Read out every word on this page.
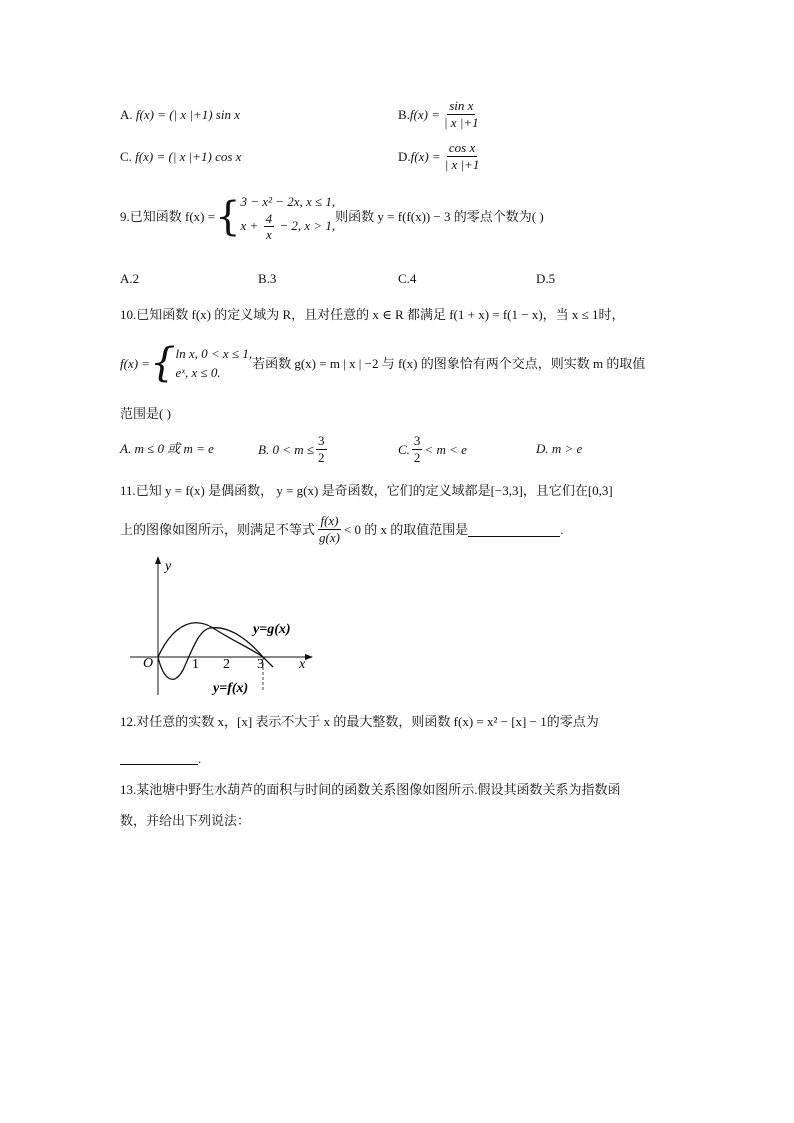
A. f(x) = (| x |+1) sin x	B. $f(x) = \frac{\text{sin x}}{| x |+1}$
C. f(x) = (| x |+1) cos x	D. $f(x) = \frac{\text{cos x}}{| x |+1}$
9.已知函数 f(x) = { 3 − x² − 2x, x ≤ 1,
$x + \frac{4}{x} - 2$, x > 1,
则函数 y = f(f(x)) − 3 的零点个数为( )
A.2	B.3	C.4	D.5
10.已知函数 f(x) 的定义域为 R，且对任意的 x ∈ R 都满足 f(1 + x) = f(1 − x)，当 x ≤ 1时，
f(x) = { ln x, 0 < x ≤ 1,
eˣ, x ≤ 0.
若函数 g(x) = m | x | −2 与 f(x) 的图象恰有两个交点，则实数 m 的取值
范围是( )
A. m ≤ 0 或 m = e	B. $0 < m \le \frac{3}{2}$	C. $\frac{3}{2} < m < e$	D. m > e
11.已知 y = f(x) 是偶函数， y = g(x) 是奇函数，它们的定义域都是[−3,3]，且它们在[0,3]
上的图像如图所示，则满足不等式 $\frac{f(x)}{g(x)} < 0$ 的 x 的取值范围是	.
y
x
O	1 2 3
y=g(x)
y=f(x)
12.对任意的实数 x，[x] 表示不大于 x 的最大整数，则函数 f(x) = x² − [x] − 1的零点为
.
13.某池塘中野生水葫芦的面积与时间的函数关系图像如图所示.假设其函数关系为指数函
数，并给出下列说法：
